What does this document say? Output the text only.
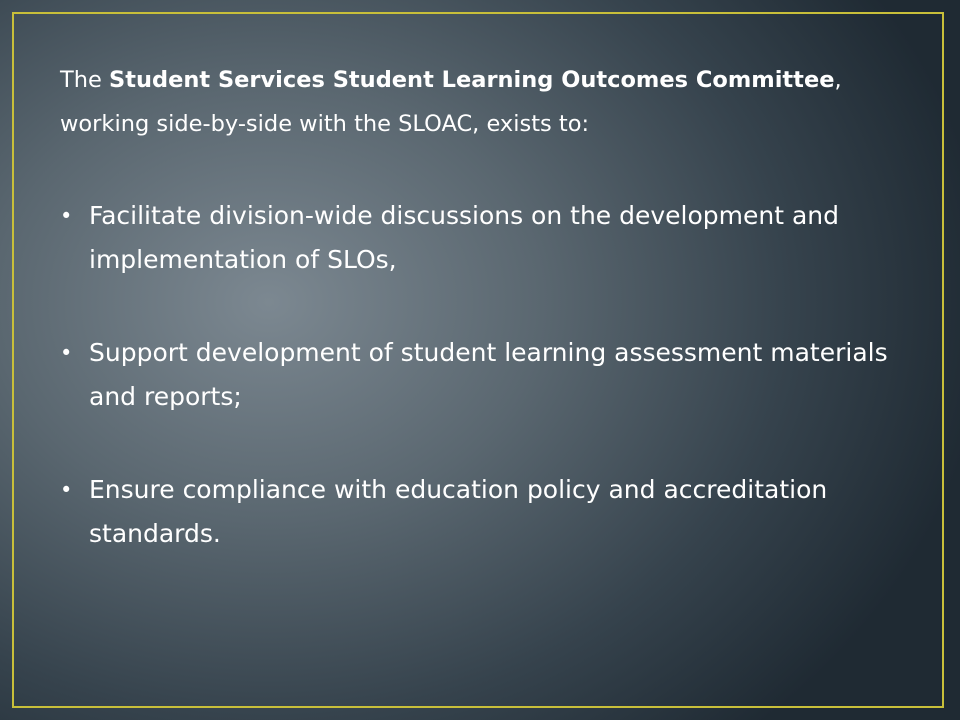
The Student Services Student Learning Outcomes Committee, working side-by-side with the SLOAC, exists to:

• Facilitate division-wide discussions on the development and implementation of SLOs,
• Support development of student learning assessment materials and reports;
• Ensure compliance with education policy and accreditation standards.
